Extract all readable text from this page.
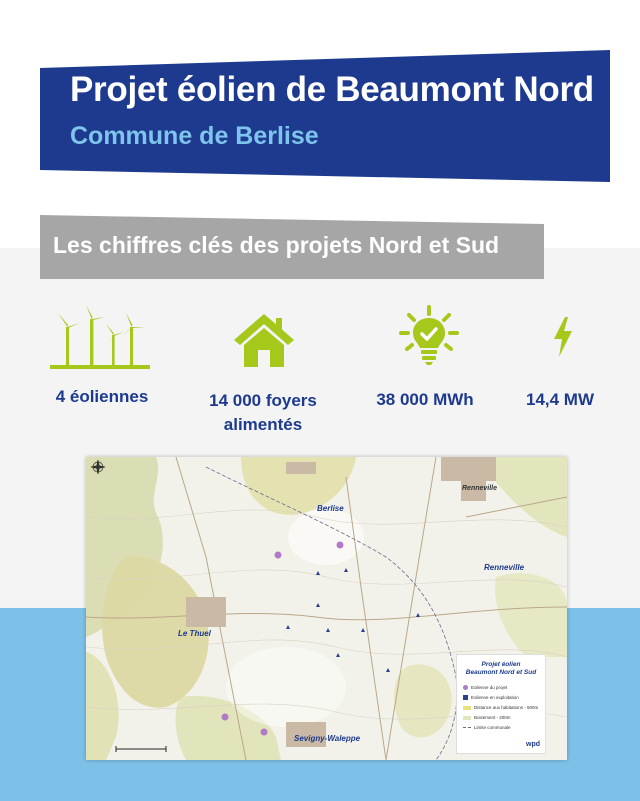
Projet éolien de Beaumont Nord
Commune de Berlise
Les chiffres clés des projets Nord et Sud
4 éoliennes	14 000 foyers
alimentés
38 000 MWh	14,4 MW
Berlise
Renneville
Renneville
Le Thuel
Sevigny-Waleppe
Projet éolien
Beaumont Nord et Sud
Eolienne du projet
Eolienne en exploitation
Distance aux habitations - 500m
Boisement - 200m
Limite communale
wpd
